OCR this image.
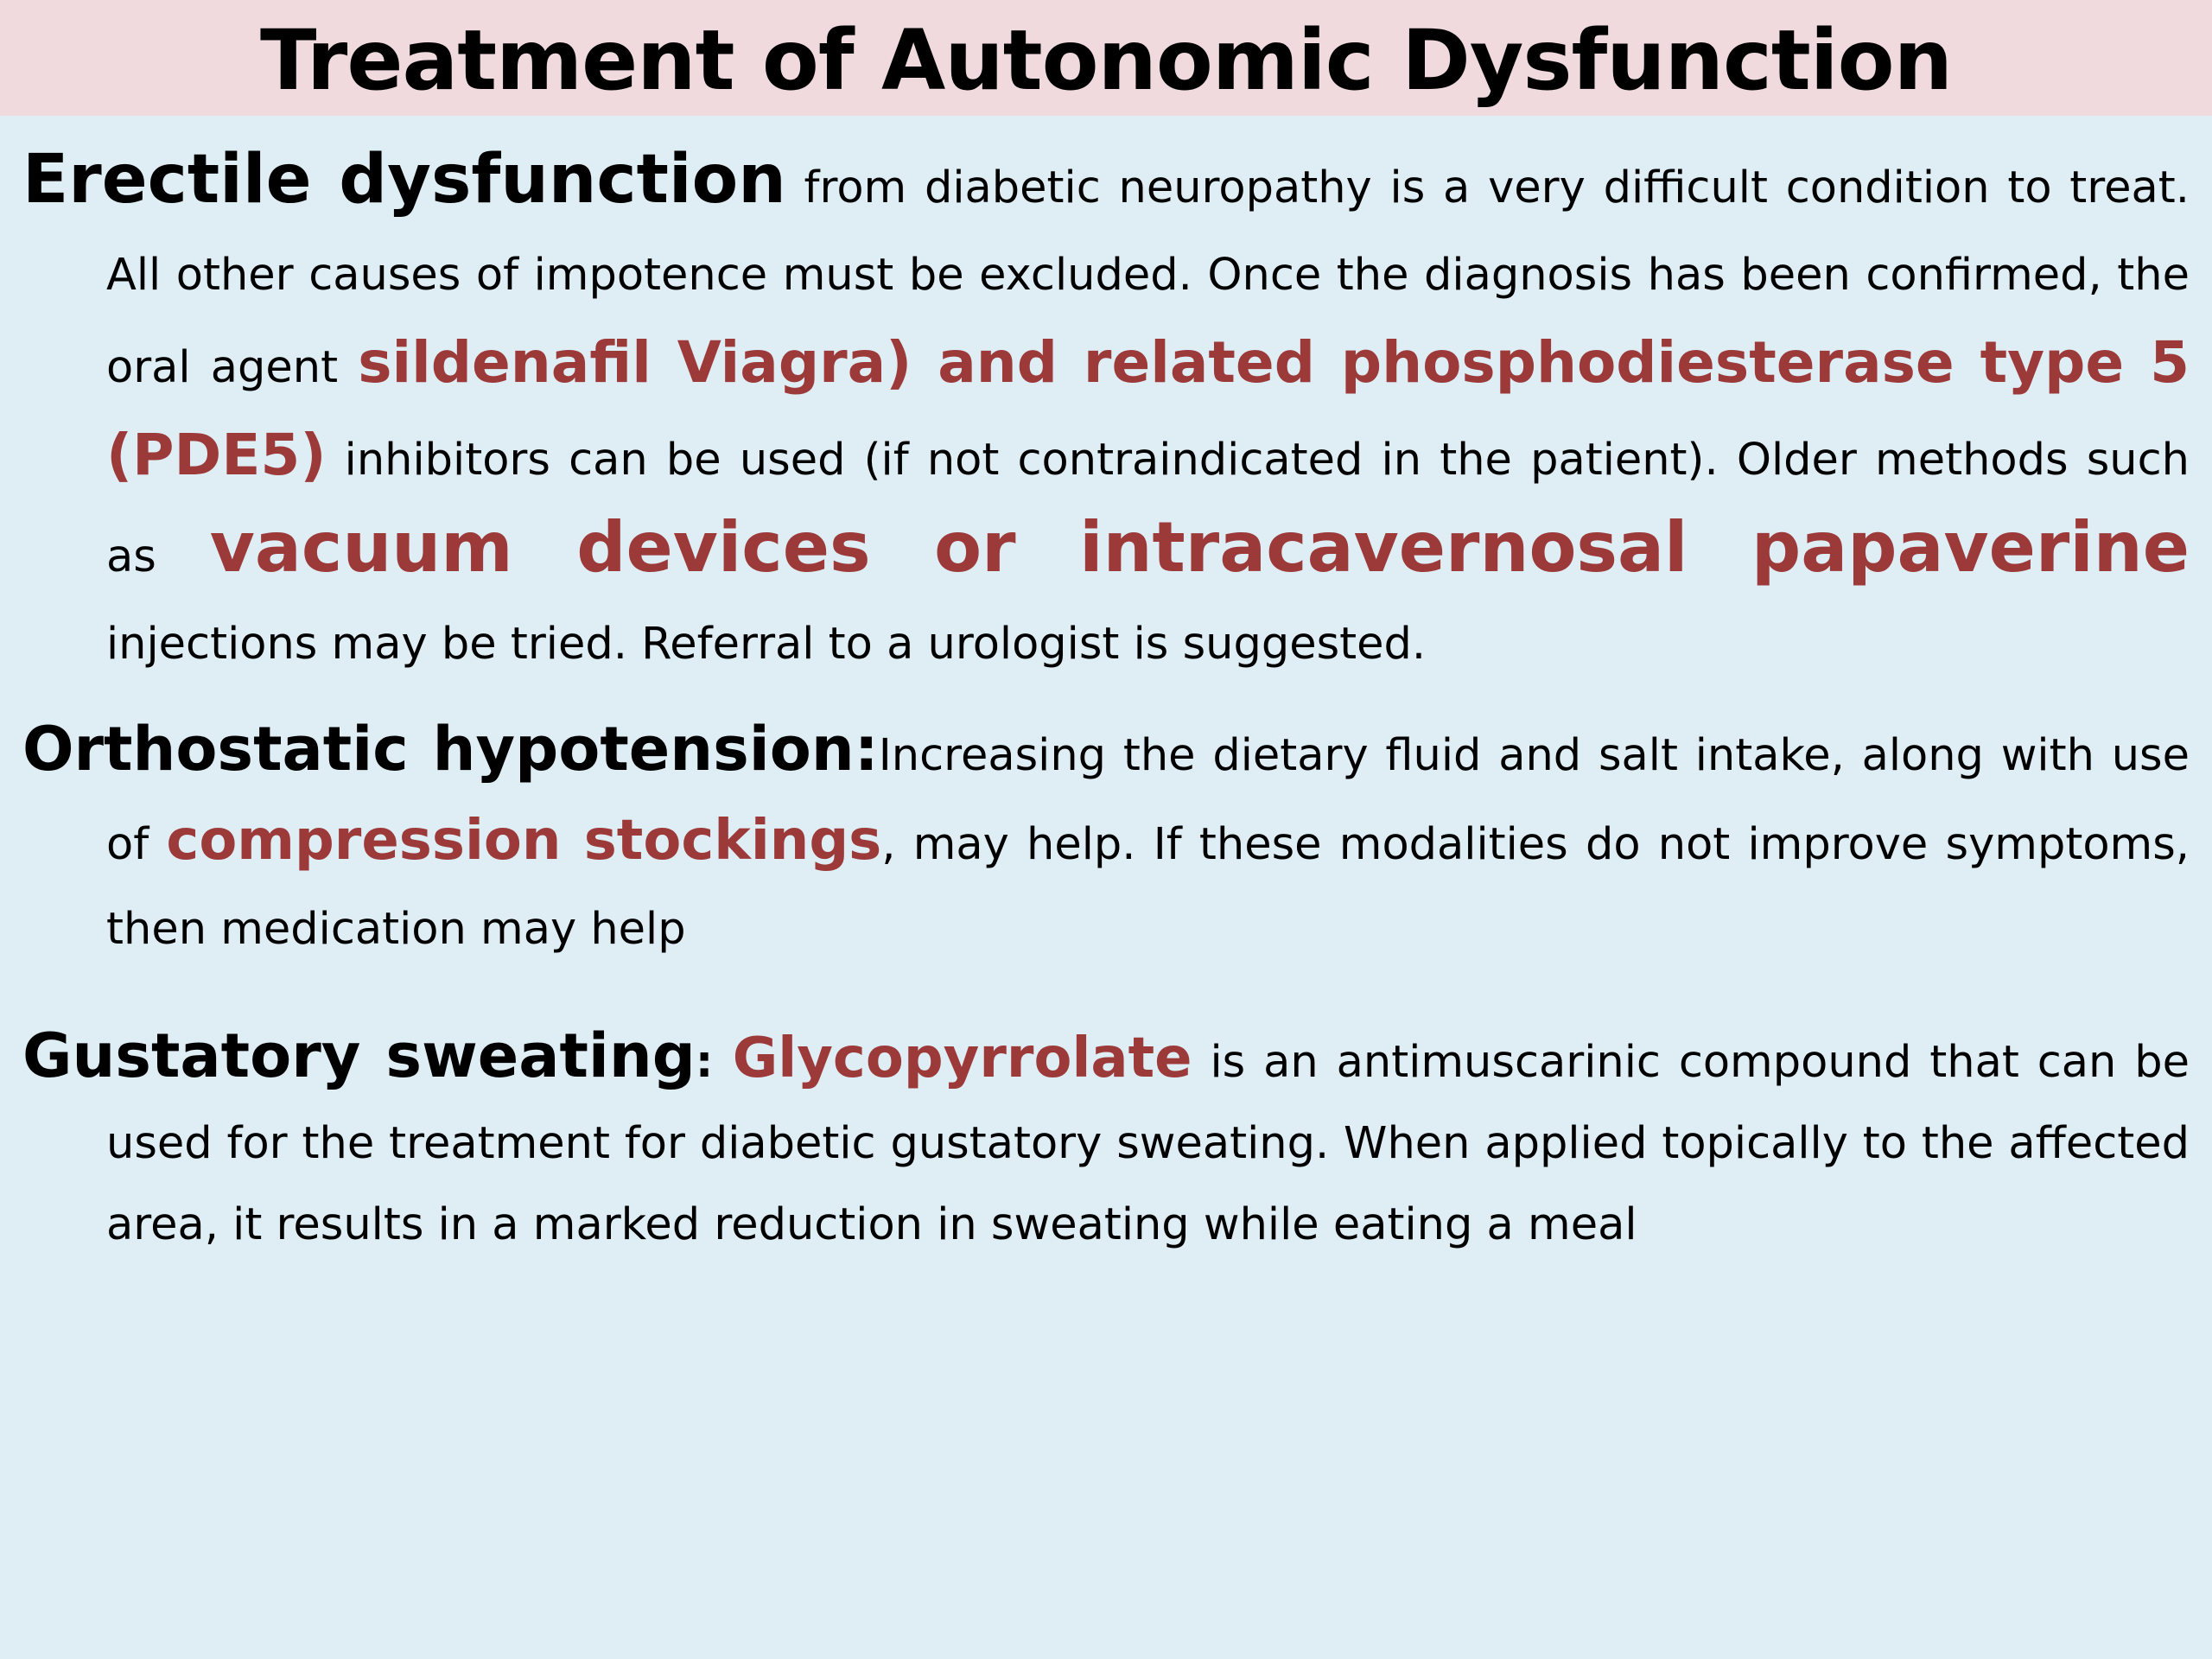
Treatment of Autonomic Dysfunction

Erectile dysfunction from diabetic neuropathy is a very difficult condition to treat. All other causes of impotence must be excluded. Once the diagnosis has been confirmed, the oral agent sildenafil Viagra) and related phosphodiesterase type 5 (PDE5) inhibitors can be used (if not contraindicated in the patient). Older methods such as vacuum devices or intracavernosal papaverine injections may be tried. Referral to a urologist is suggested.

Orthostatic hypotension:Increasing the dietary fluid and salt intake, along with use of compression stockings, may help. If these modalities do not improve symptoms, then medication may help

Gustatory sweating: Glycopyrrolate is an antimuscarinic compound that can be used for the treatment for diabetic gustatory sweating. When applied topically to the affected area, it results in a marked reduction in sweating while eating a meal
